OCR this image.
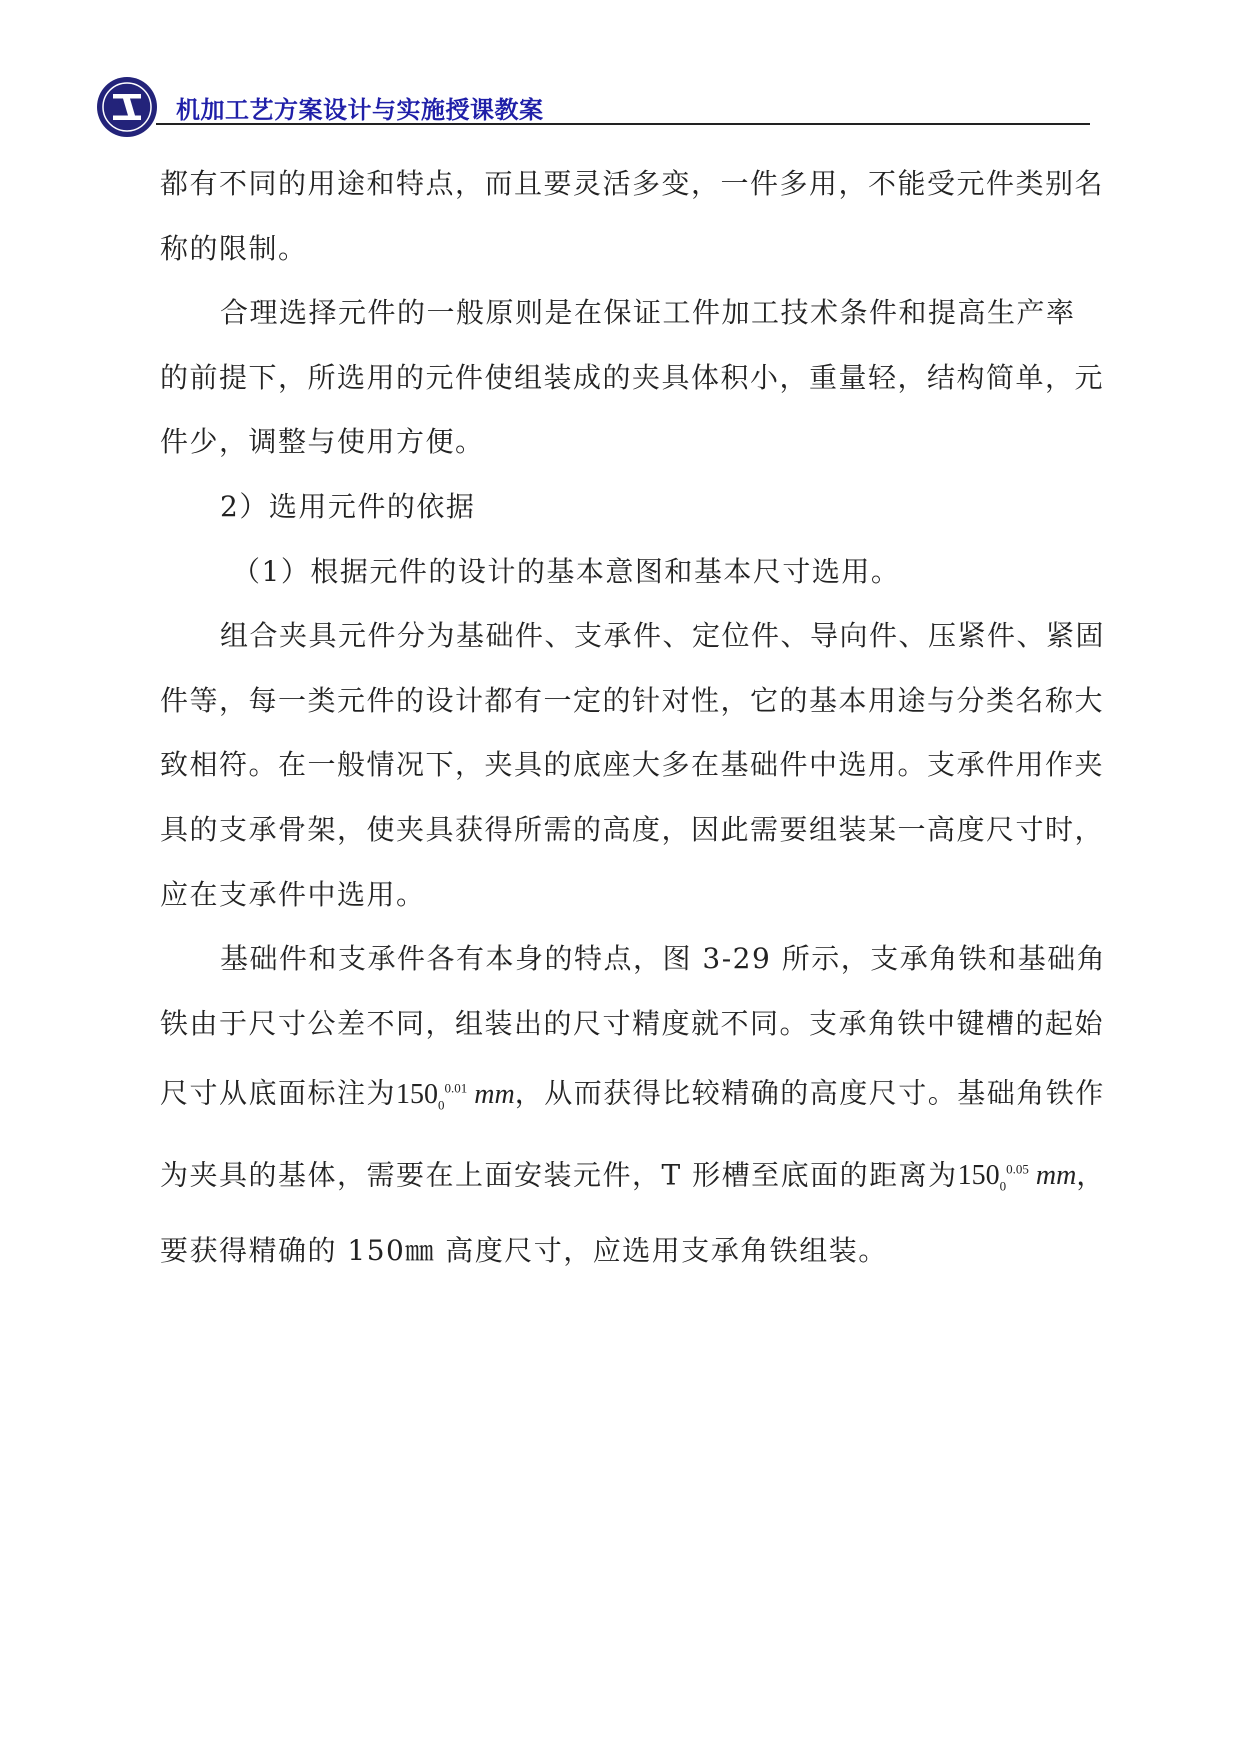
机加工艺方案设计与实施授课教案

都有不同的用途和特点，而且要灵活多变，一件多用，不能受元件类别名

称的限制。

合理选择元件的一般原则是在保证工件加工技术条件和提高生产率

的前提下，所选用的元件使组装成的夹具体积小，重量轻，结构简单，元

件少，调整与使用方便。

2）选用元件的依据

（1）根据元件的设计的基本意图和基本尺寸选用。

组合夹具元件分为基础件、支承件、定位件、导向件、压紧件、紧固

件等，每一类元件的设计都有一定的针对性，它的基本用途与分类名称大

致相符。在一般情况下，夹具的底座大多在基础件中选用。支承件用作夹

具的支承骨架，使夹具获得所需的高度，因此需要组装某一高度尺寸时，

应在支承件中选用。

基础件和支承件各有本身的特点，图 3-29 所示，支承角铁和基础角

铁由于尺寸公差不同，组装出的尺寸精度就不同。支承角铁中键槽的起始

尺寸从底面标注为$150_0^{0.01}$ mm，从而获得比较精确的高度尺寸。基础角铁作

为夹具的基体，需要在上面安装元件，T 形槽至底面的距离为$150_0^{0.05}$ mm，

要获得精确的 150㎜ 高度尺寸，应选用支承角铁组装。
